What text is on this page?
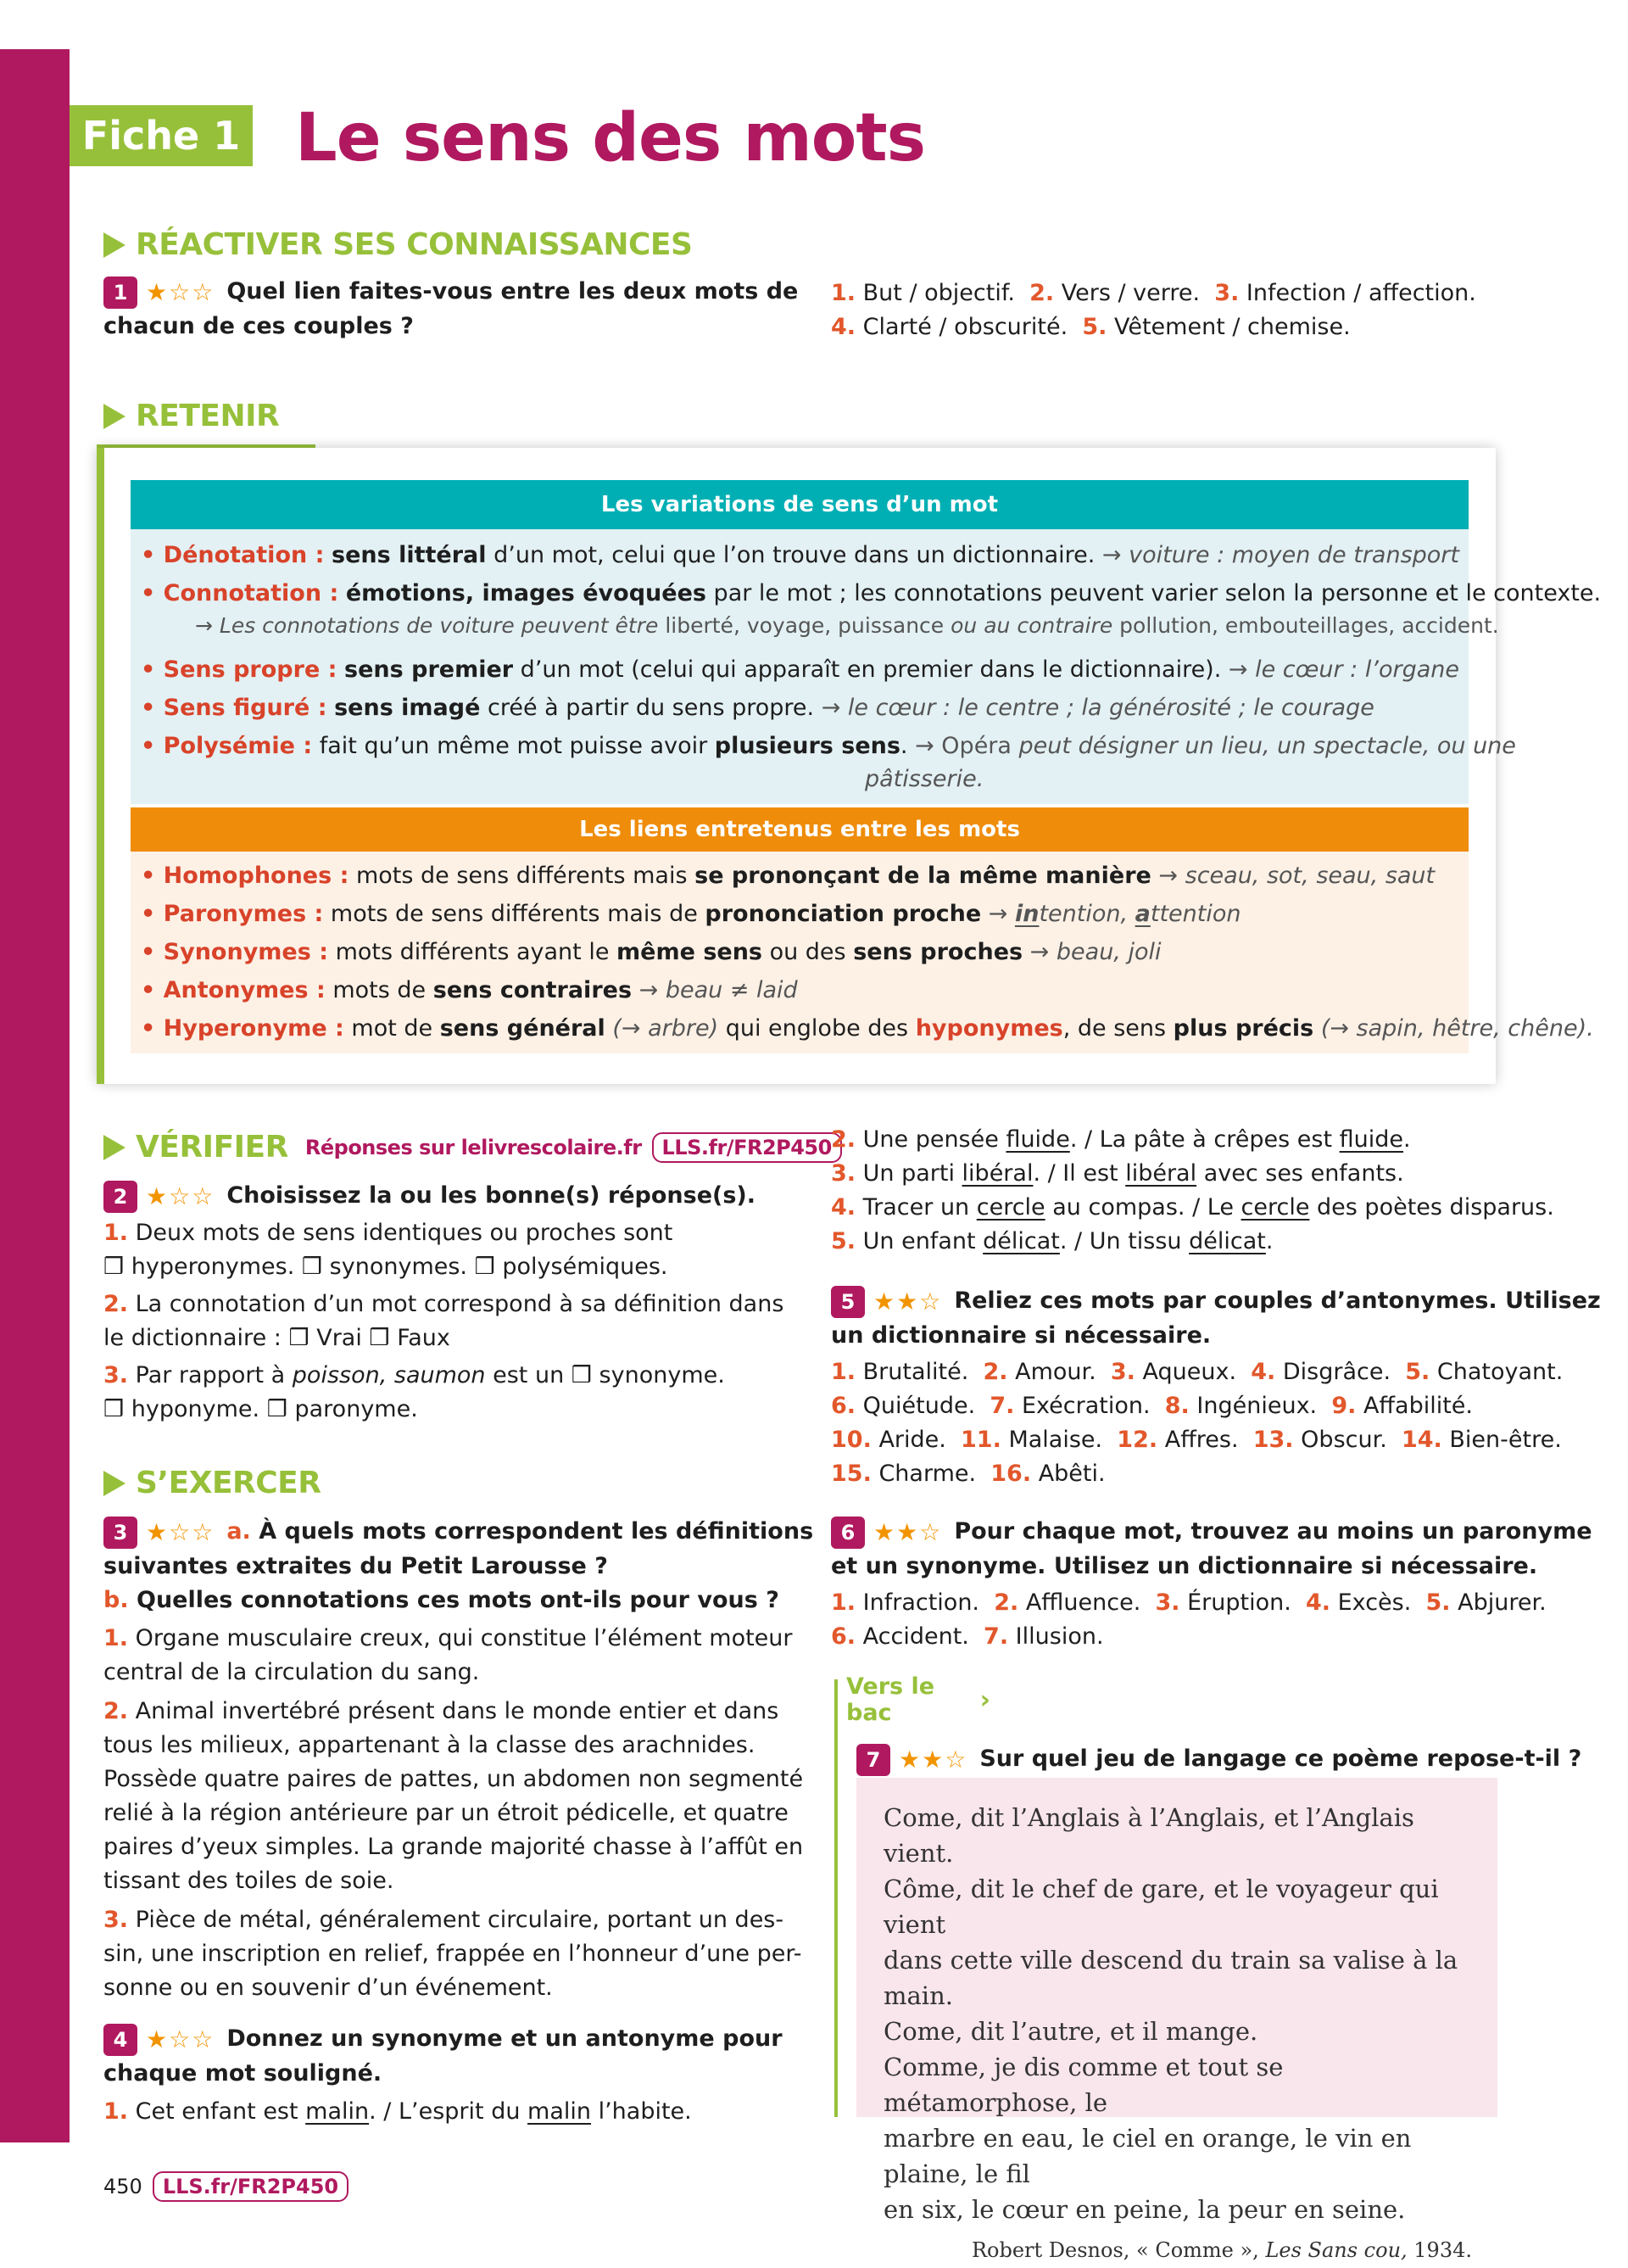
Fiche 1 Le sens des mots
RÉACTIVER SES CONNAISSANCES
1 ★☆☆ Quel lien faites-vous entre les deux mots de
chacun de ces couples ?
1. But / objectif. 2. Vers / verre. 3. Infection / affection.
4. Clarté / obscurité. 5. Vêtement / chemise.
RETENIR
Les variations de sens d’un mot
• Dénotation : sens littéral d’un mot, celui que l’on trouve dans un dictionnaire. → voiture : moyen de transport
• Connotation : émotions, images évoquées par le mot ; les connotations peuvent varier selon la personne et le contexte.
→ Les connotations de voiture peuvent être liberté, voyage, puissance ou au contraire pollution, embouteillages, accident.
• Sens propre : sens premier d’un mot (celui qui apparaît en premier dans le dictionnaire). → le cœur : l’organe
• Sens figuré : sens imagé créé à partir du sens propre. → le cœur : le centre ; la générosité ; le courage
• Polysémie : fait qu’un même mot puisse avoir plusieurs sens. → Opéra peut désigner un lieu, un spectacle, ou une
pâtisserie.
Les liens entretenus entre les mots
• Homophones : mots de sens différents mais se prononçant de la même manière → sceau, sot, seau, saut
• Paronymes : mots de sens différents mais de prononciation proche → intention, attention
• Synonymes : mots différents ayant le même sens ou des sens proches → beau, joli
• Antonymes : mots de sens contraires → beau ≠ laid
• Hyperonyme : mot de sens général (→ arbre) qui englobe des hyponymes, de sens plus précis (→ sapin, hêtre, chêne).
VÉRIFIER Réponses sur lelivrescolaire.fr	LLS.fr/FR2P450
2 ★☆☆ Choisissez la ou les bonne(s) réponse(s).
1. Deux mots de sens identiques ou proches sont
❒ hyperonymes. ❒ synonymes. ❒ polysémiques.
2. La connotation d’un mot correspond à sa définition dans
le dictionnaire : ❒ Vrai ❒ Faux
3. Par rapport à poisson, saumon est un ❒ synonyme.
❒ hyponyme. ❒ paronyme.
S’EXERCER
3 ★☆☆ a. À quels mots correspondent les définitions
suivantes extraites du Petit Larousse ?
b. Quelles connotations ces mots ont-ils pour vous ?
1. Organe musculaire creux, qui constitue l’élément moteur
central de la circulation du sang.
2. Animal invertébré présent dans le monde entier et dans
tous les milieux, appartenant à la classe des arachnides.
Possède quatre paires de pattes, un abdomen non segmenté
relié à la région antérieure par un étroit pédicelle, et quatre
paires d’yeux simples. La grande majorité chasse à l’affût en
tissant des toiles de soie.
3. Pièce de métal, généralement circulaire, portant un des-
sin, une inscription en relief, frappée en l’honneur d’une per-
sonne ou en souvenir d’un événement.
4 ★☆☆ Donnez un synonyme et un antonyme pour
chaque mot souligné.
1. Cet enfant est malin. / L’esprit du malin l’habite.
2. Une pensée fluide. / La pâte à crêpes est fluide.
3. Un parti libéral. / Il est libéral avec ses enfants.
4. Tracer un cercle au compas. / Le cercle des poètes disparus.
5. Un enfant délicat. / Un tissu délicat.
5 ★★☆ Reliez ces mots par couples d’antonymes. Utilisez
un dictionnaire si nécessaire.
1. Brutalité. 2. Amour. 3. Aqueux. 4. Disgrâce. 5. Chatoyant.
6. Quiétude. 7. Exécration. 8. Ingénieux. 9. Affabilité.
10. Aride. 11. Malaise. 12. Affres. 13. Obscur. 14. Bien-être.
15. Charme. 16. Abêti.
6 ★★☆ Pour chaque mot, trouvez au moins un paronyme
et un synonyme. Utilisez un dictionnaire si nécessaire.
1. Infraction. 2. Affluence. 3. Éruption. 4. Excès. 5. Abjurer.
6. Accident. 7. Illusion.
Vers le bac	›
7 ★★☆ Sur quel jeu de langage ce poème repose-t-il ?

Come, dit l’Anglais à l’Anglais, et l’Anglais vient.

Côme, dit le chef de gare, et le voyageur qui vient

dans cette ville descend du train sa valise à la main.

Come, dit l’autre, et il mange.

Comme, je dis comme et tout se métamorphose, le

marbre en eau, le ciel en orange, le vin en plaine, le fil

en six, le cœur en peine, la peur en seine.

Robert Desnos, « Comme », Les Sans cou, 1934.

450	LLS.fr/FR2P450
